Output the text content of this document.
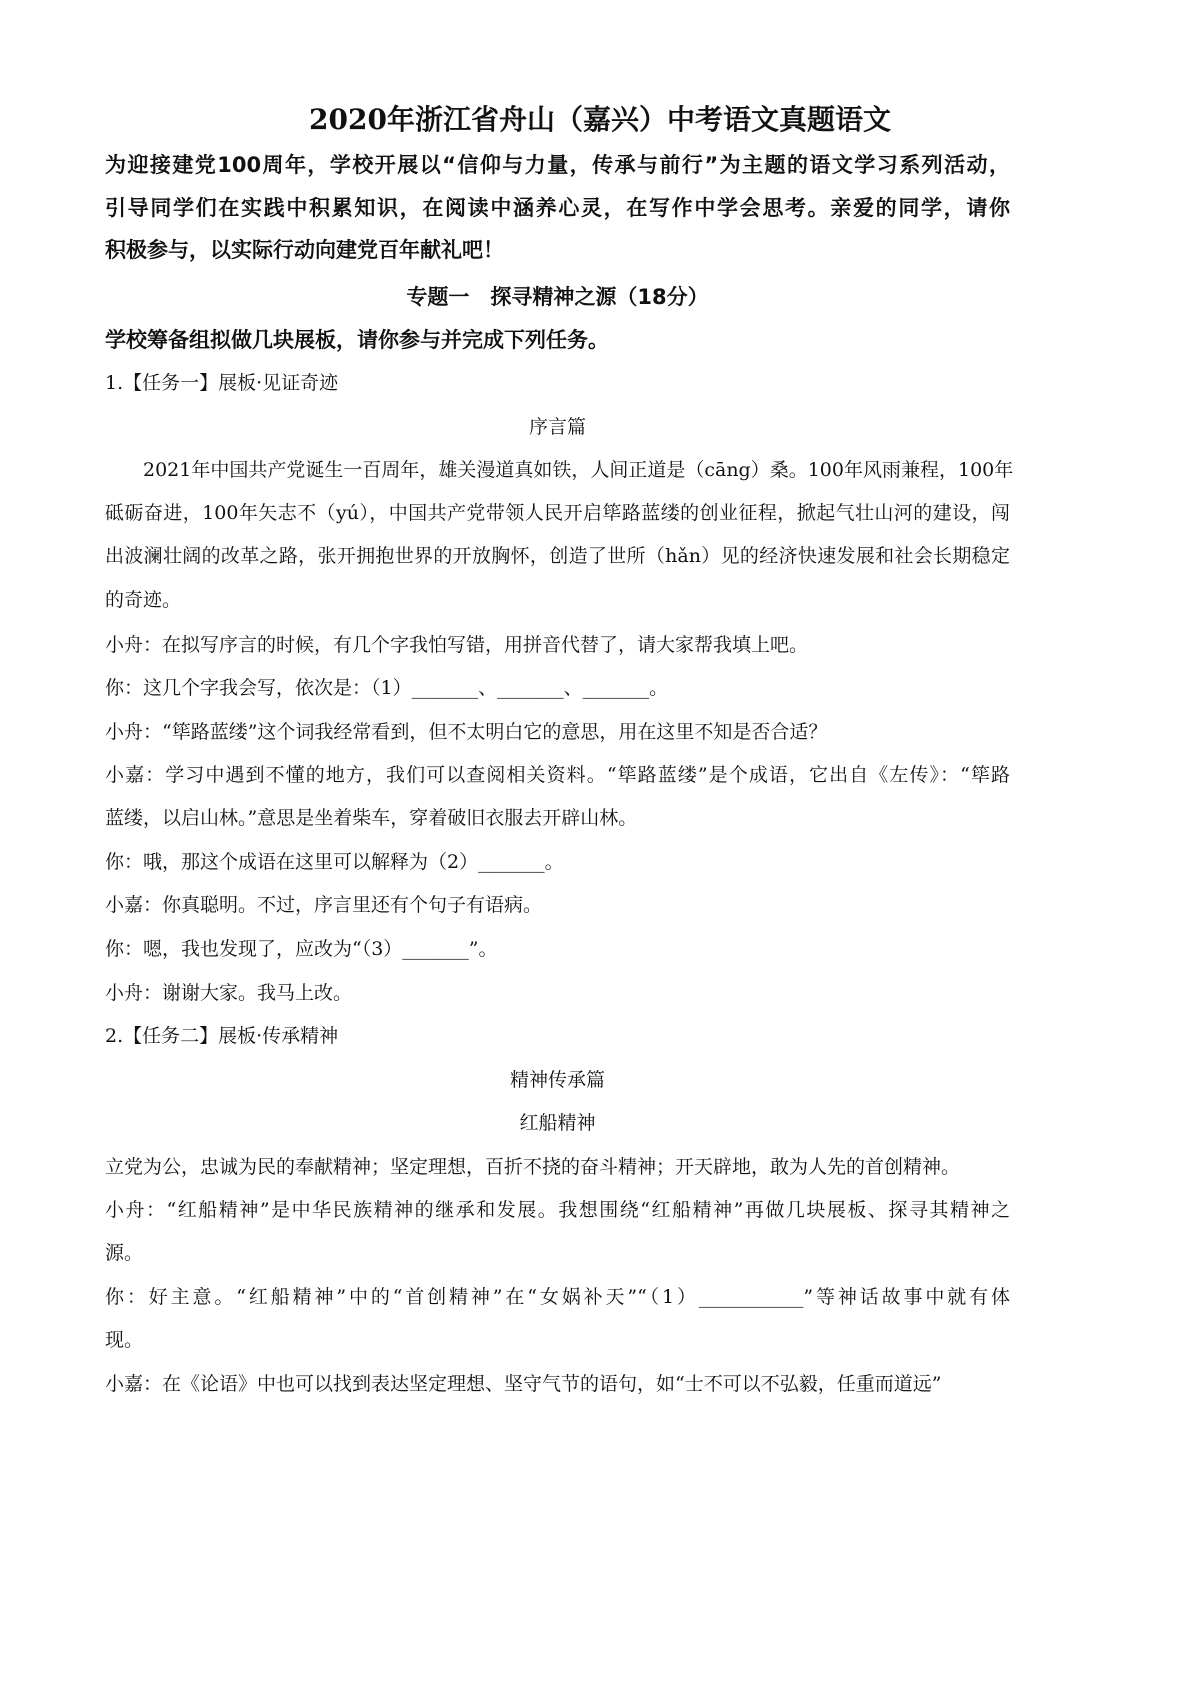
2020年浙江省舟山（嘉兴）中考语文真题语文
为迎接建党100周年，学校开展以“信仰与力量，传承与前行”为主题的语文学习系列活动，
引导同学们在实践中积累知识，在阅读中涵养心灵，在写作中学会思考。亲爱的同学，请你
积极参与，以实际行动向建党百年献礼吧！
专题一　探寻精神之源（18分）
学校筹备组拟做几块展板，请你参与并完成下列任务。
1.【任务一】展板·见证奇迹
序言篇
2021年中国共产党诞生一百周年，雄关漫道真如铁，人间正道是（cāng）桑。100年风雨兼程，100年
砥砺奋进，100年矢志不（yú），中国共产党带领人民开启筚路蓝缕的创业征程，掀起气壮山河的建设，闯
出波澜壮阔的改革之路，张开拥抱世界的开放胸怀，创造了世所（hǎn）见的经济快速发展和社会长期稳定
的奇迹。
小舟：在拟写序言的时候，有几个字我怕写错，用拼音代替了，请大家帮我填上吧。
你：这几个字我会写，依次是：（1）_______、_______、_______。
小舟：“筚路蓝缕”这个词我经常看到，但不太明白它的意思，用在这里不知是否合适？
小嘉：学习中遇到不懂的地方，我们可以查阅相关资料。“筚路蓝缕”是个成语，它出自《左传》：“筚路
蓝缕，以启山林。”意思是坐着柴车，穿着破旧衣服去开辟山林。
你：哦，那这个成语在这里可以解释为（2）_______。
小嘉：你真聪明。不过，序言里还有个句子有语病。
你：嗯，我也发现了，应改为“（3）_______”。
小舟：谢谢大家。我马上改。
2.【任务二】展板·传承精神
精神传承篇
红船精神
立党为公，忠诚为民的奉献精神；坚定理想，百折不挠的奋斗精神；开天辟地，敢为人先的首创精神。
小舟：“红船精神”是中华民族精神的继承和发展。我想围绕“红船精神”再做几块展板、探寻其精神之
源。
你：好主意。“红船精神”中的“首创精神”在“女娲补天”“（1）___________”等神话故事中就有体
现。
小嘉：在《论语》中也可以找到表达坚定理想、坚守气节的语句，如“士不可以不弘毅，任重而道远”
